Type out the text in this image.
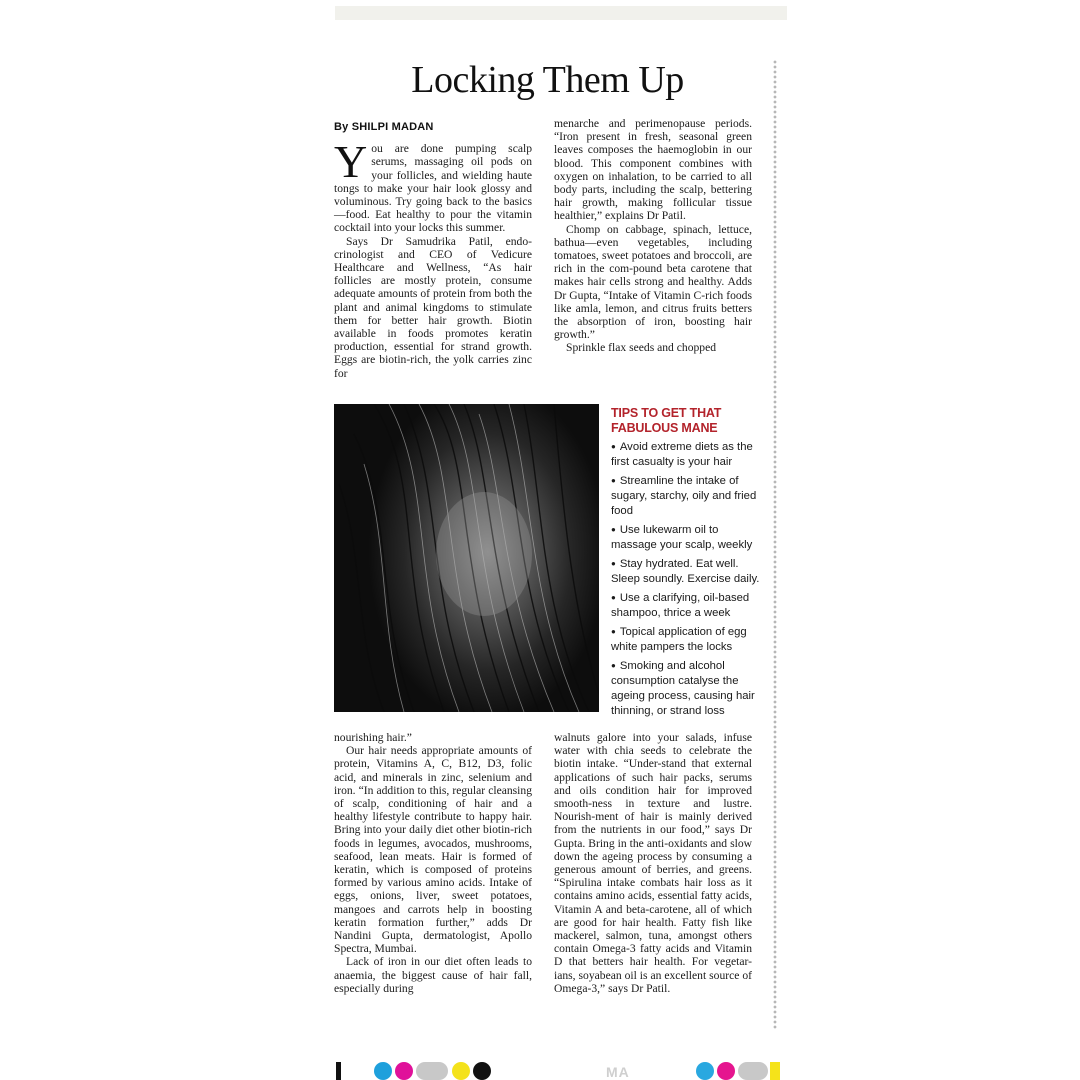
Locking Them Up
By SHILPI MADAN

You are done pumping scalp serums, massaging oil pods on your follicles, and wielding haute tongs to make your hair look glossy and voluminous. Try going back to the basics—food. Eat healthy to pour the vitamin cocktail into your locks this summer.

Says Dr Samudrika Patil, endo-crinologist and CEO of Vedicure Healthcare and Wellness, “As hair follicles are mostly protein, consume adequate amounts of protein from both the plant and animal kingdoms to stimulate them for better hair growth. Biotin available in foods promotes keratin production, essential for strand growth. Eggs are biotin-rich, the yolk carries zinc for

menarche and perimenopause periods. “Iron present in fresh, seasonal green leaves composes the haemoglobin in our blood. This component combines with oxygen on inhalation, to be carried to all body parts, including the scalp, bettering hair growth, making follicular tissue healthier,” explains Dr Patil.

Chomp on cabbage, spinach, lettuce, bathua—even vegetables, including tomatoes, sweet potatoes and broccoli, are rich in the com-pound beta carotene that makes hair cells strong and healthy. Adds Dr Gupta, “Intake of Vitamin C-rich foods like amla, lemon, and citrus fruits betters the absorption of iron, boosting hair growth.”

Sprinkle flax seeds and chopped

TIPS TO GET THAT FABULOUS MANE
● Avoid extreme diets as the first casualty is your hair
● Streamline the intake of sugary, starchy, oily and fried food
● Use lukewarm oil to massage your scalp, weekly
● Stay hydrated. Eat well. Sleep soundly. Exercise daily.
● Use a clarifying, oil-based shampoo, thrice a week
● Topical application of egg white pampers the locks
● Smoking and alcohol consumption catalyse the ageing process, causing hair thinning, or strand loss

nourishing hair.”

Our hair needs appropriate amounts of protein, Vitamins A, C, B12, D3, folic acid, and minerals in zinc, selenium and iron. “In addition to this, regular cleansing of scalp, conditioning of hair and a healthy lifestyle contribute to happy hair. Bring into your daily diet other biotin-rich foods in legumes, avocados, mushrooms, seafood, lean meats. Hair is formed of keratin, which is composed of proteins formed by various amino acids. Intake of eggs, onions, liver, sweet potatoes, mangoes and carrots help in boosting keratin formation further,” adds Dr Nandini Gupta, dermatologist, Apollo Spectra, Mumbai.

Lack of iron in our diet often leads to anaemia, the biggest cause of hair fall, especially during

walnuts galore into your salads, infuse water with chia seeds to celebrate the biotin intake. “Under-stand that external applications of such hair packs, serums and oils condition hair for improved smooth-ness in texture and lustre. Nourish-ment of hair is mainly derived from the nutrients in our food,” says Dr Gupta. Bring in the anti-oxidants and slow down the ageing process by consuming a generous amount of berries, and greens. “Spirulina intake combats hair loss as it contains amino acids, essential fatty acids, Vitamin A and beta-carotene, all of which are good for hair health. Fatty fish like mackerel, salmon, tuna, amongst others contain Omega-3 fatty acids and Vitamin D that betters hair health. For vegetar-ians, soyabean oil is an excellent source of Omega-3,” says Dr Patil.

MA
